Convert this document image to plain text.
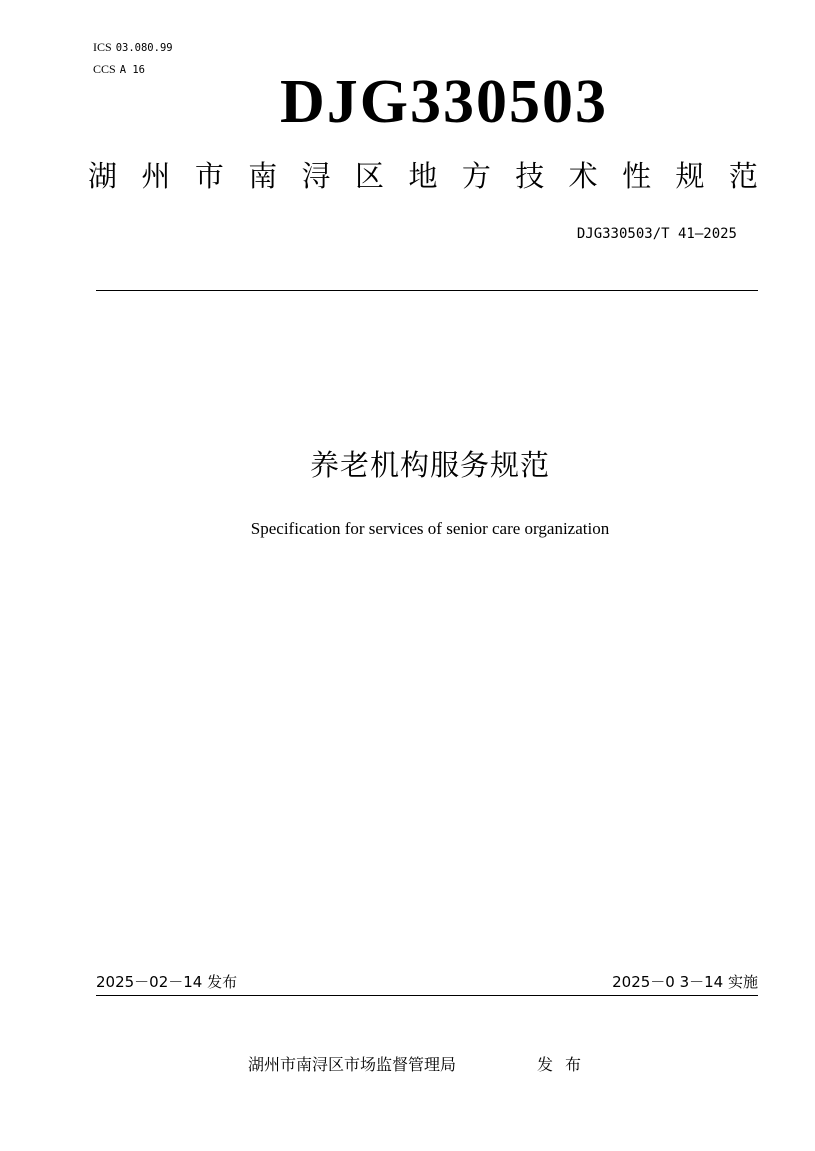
ICS 03.080.99
CCS A 16 DJG330503
湖 州 市 南 浔 区 地 方 技 术 性 规 范
DJG330503/T 41—2025
养老机构服务规范
Specification for services of senior care organization
2025－02－14 发布	2025－0 3－14 实施
湖州市南浔区市场监督管理局	发布
